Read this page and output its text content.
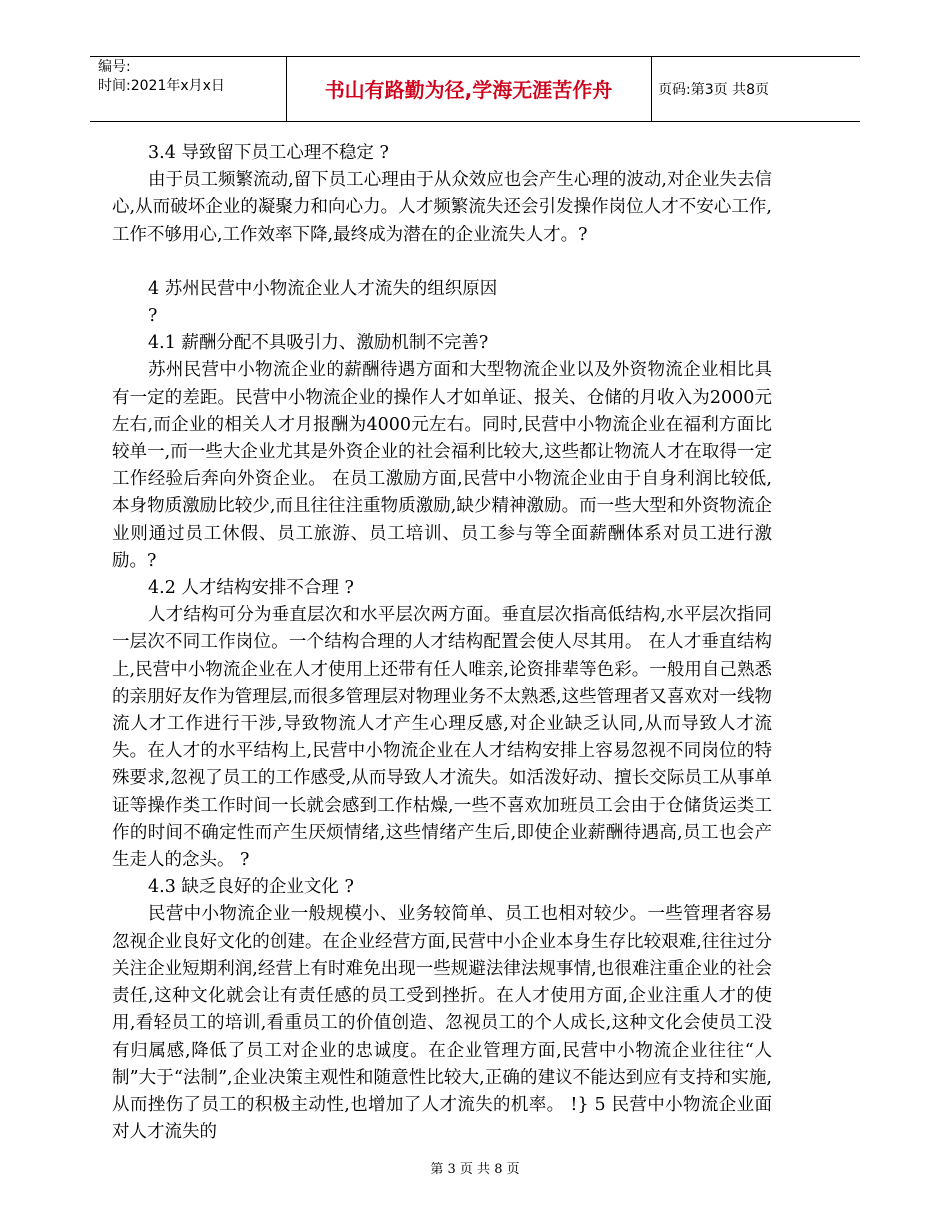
编号:
时间:2021年x月x日	书山有路勤为径,学海无涯苦作舟	页码:第3页 共8页

3.4 导致留下员工心理不稳定 ?

由于员工频繁流动,留下员工心理由于从众效应也会产生心理的波动,对企业失去信心,从而破坏企业的凝聚力和向心力。人才频繁流失还会引发操作岗位人才不安心工作,工作不够用心,工作效率下降,最终成为潜在的企业流失人才。?

4 苏州民营中小物流企业人才流失的组织原因

?

4.1 薪酬分配不具吸引力、激励机制不完善?

苏州民营中小物流企业的薪酬待遇方面和大型物流企业以及外资物流企业相比具有一定的差距。民营中小物流企业的操作人才如单证、报关、仓储的月收入为2000元左右,而企业的相关人才月报酬为4000元左右。同时,民营中小物流企业在福利方面比较单一,而一些大企业尤其是外资企业的社会福利比较大,这些都让物流人才在取得一定工作经验后奔向外资企业。 在员工激励方面,民营中小物流企业由于自身利润比较低,本身物质激励比较少,而且往往注重物质激励,缺少精神激励。而一些大型和外资物流企业则通过员工休假、员工旅游、员工培训、员工参与等全面薪酬体系对员工进行激励。?

4.2 人才结构安排不合理 ?

人才结构可分为垂直层次和水平层次两方面。垂直层次指高低结构,水平层次指同一层次不同工作岗位。一个结构合理的人才结构配置会使人尽其用。 在人才垂直结构上,民营中小物流企业在人才使用上还带有任人唯亲,论资排辈等色彩。一般用自己熟悉的亲朋好友作为管理层,而很多管理层对物理业务不太熟悉,这些管理者又喜欢对一线物流人才工作进行干涉,导致物流人才产生心理反感,对企业缺乏认同,从而导致人才流失。在人才的水平结构上,民营中小物流企业在人才结构安排上容易忽视不同岗位的特殊要求,忽视了员工的工作感受,从而导致人才流失。如活泼好动、擅长交际员工从事单证等操作类工作时间一长就会感到工作枯燥,一些不喜欢加班员工会由于仓储货运类工作的时间不确定性而产生厌烦情绪,这些情绪产生后,即使企业薪酬待遇高,员工也会产生走人的念头。 ?

4.3 缺乏良好的企业文化 ?

民营中小物流企业一般规模小、业务较简单、员工也相对较少。一些管理者容易忽视企业良好文化的创建。在企业经营方面,民营中小企业本身生存比较艰难,往往过分关注企业短期利润,经营上有时难免出现一些规避法律法规事情,也很难注重企业的社会责任,这种文化就会让有责任感的员工受到挫折。在人才使用方面,企业注重人才的使用,看轻员工的培训,看重员工的价值创造、忽视员工的个人成长,这种文化会使员工没有归属感,降低了员工对企业的忠诚度。在企业管理方面,民营中小物流企业往往“人制”大于“法制”,企业决策主观性和随意性比较大,正确的建议不能达到应有支持和实施,从而挫伤了员工的积极主动性,也增加了人才流失的机率。 !} 5 民营中小物流企业面对人才流失的

第 3 页 共 8 页
